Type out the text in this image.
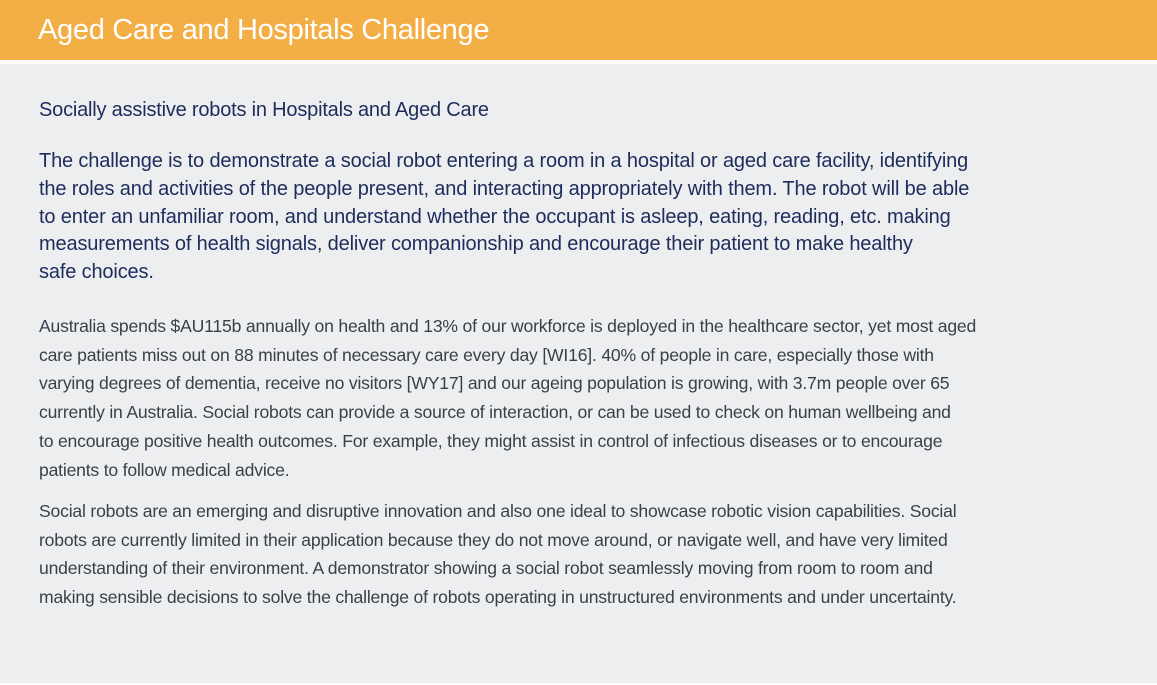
Aged Care and Hospitals Challenge
Socially assistive robots in Hospitals and Aged Care
The challenge is to demonstrate a social robot entering a room in a hospital or aged care facility, identifying
the roles and activities of the people present, and interacting appropriately with them. The robot will be able
to enter an unfamiliar room, and understand whether the occupant is asleep, eating, reading, etc. making
measurements of health signals, deliver companionship and encourage their patient to make healthy
safe choices.
Australia spends $AU115b annually on health and 13% of our workforce is deployed in the healthcare sector, yet most aged
care patients miss out on 88 minutes of necessary care every day [WI16]. 40% of people in care, especially those with
varying degrees of dementia, receive no visitors [WY17] and our ageing population is growing, with 3.7m people over 65
currently in Australia. Social robots can provide a source of interaction, or can be used to check on human wellbeing and
to encourage positive health outcomes. For example, they might assist in control of infectious diseases or to encourage
patients to follow medical advice.
Social robots are an emerging and disruptive innovation and also one ideal to showcase robotic vision capabilities. Social
robots are currently limited in their application because they do not move around, or navigate well, and have very limited
understanding of their environment. A demonstrator showing a social robot seamlessly moving from room to room and
making sensible decisions to solve the challenge of robots operating in unstructured environments and under uncertainty.
